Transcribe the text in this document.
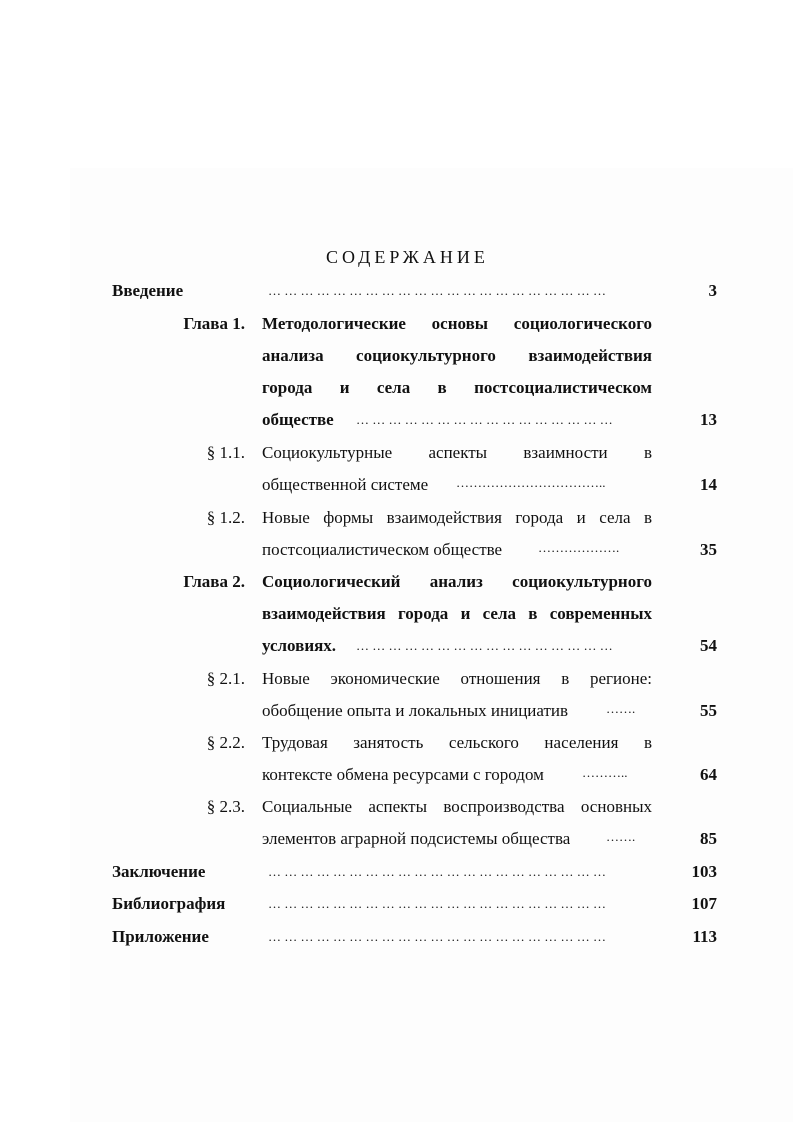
СОДЕРЖАНИЕ
Введение	… … … … … … … … … … … … … … … … … … … … …	3
Глава 1. Методологические основы социологического
анализа социокультурного взаимодействия
города и села в постсоциалистическом
обществе … … … … … … … … … … … … … … … …	13
§ 1.1. Социокультурные аспекты взаимности в
общественной системе ……………………………..	14
§ 1.2. Новые формы взаимодействия города и села в
постсоциалистическом обществе	……………….	35
Глава 2. Социологический анализ социокультурного
взаимодействия города и села в современных
условиях. … … … … … … … … … … … … … … … …	54
§ 2.1. Новые экономические отношения в регионе:
обобщение опыта и локальных инициатив	…….	55
§ 2.2. Трудовая занятость сельского населения в
контексте обмена ресурсами с городом	………..	64
§ 2.3. Социальные аспекты воспроизводства основных
элементов аграрной подсистемы общества	…….	85
Заключение	… … … … … … … … … … … … … … … … … … … … …	103
Библиография	… … … … … … … … … … … … … … … … … … … … …	107
Приложение	… … … … … … … … … … … … … … … … … … … … …	113
